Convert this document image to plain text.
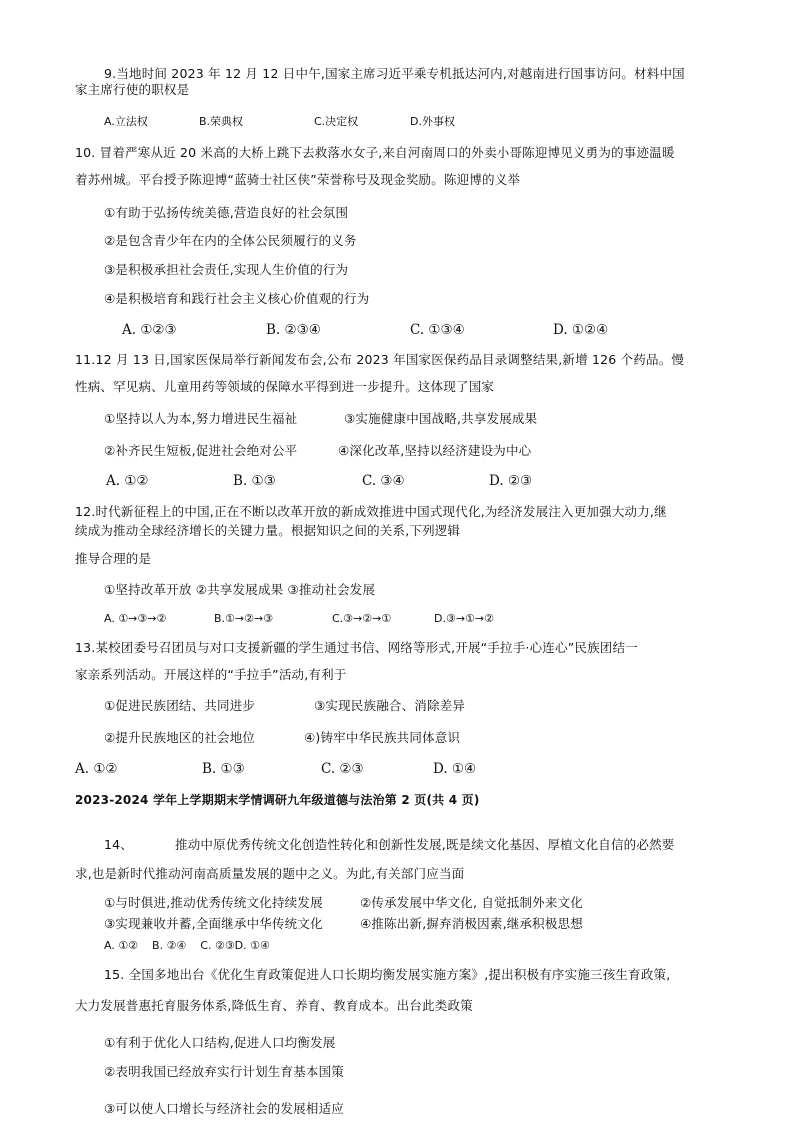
9.当地时间 2023 年 12 月 12 日中午,国家主席习近平乘专机抵达河内,对越南进行国事访问。材料中国
家主席行使的职权是
A.立法权	B.荣典权	C.决定权	D.外事权
10. 冒着严寒从近 20 米高的大桥上跳下去救落水女子,来自河南周口的外卖小哥陈迎博见义勇为的事迹温暖
着苏州城。平台授予陈迎博“蓝骑士社区侠”荣誉称号及现金奖励。陈迎博的义举
①有助于弘扬传统美德,营造良好的社会氛围
②是包含青少年在内的全体公民须履行的义务
③是积极承担社会责任,实现人生价值的行为
④是积极培育和践行社会主义核心价值观的行为
A. ①②③	B. ②③④	C. ①③④	D. ①②④
11.12 月 13 日,国家医保局举行新闻发布会,公布 2023 年国家医保药品目录调整结果,新增 126 个药品。慢
性病、罕见病、儿童用药等领域的保障水平得到进一步提升。这体现了国家
①坚持以人为本,努力增进民生福祉	③实施健康中国战略,共享发展成果
②补齐民生短板,促进社会绝对公平	④深化改革,坚持以经济建设为中心
A. ①②	B. ①③	C. ③④	D. ②③
12.时代新征程上的中国,正在不断以改革开放的新成效推进中国式现代化,为经济发展注入更加强大动力,继
续成为推动全球经济增长的关键力量。根据知识之间的关系,下列逻辑
推导合理的是
①坚持改革开放 ②共享发展成果 ③推动社会发展
A. ①→③→②	B.①→②→③	C.③→②→①	D.③→①→②
13.某校团委号召团员与对口支援新疆的学生通过书信、网络等形式,开展“手拉手·心连心”民族团结一
家亲系列活动。开展这样的“手拉手”活动,有利于
①促进民族团结、共同进步	③实现民族融合、消除差异
②提升民族地区的社会地位	④)铸牢中华民族共同体意识
A. ①②	B. ①③	C. ②③	D. ①④
2023-2024 学年上学期期末学情调研九年级道德与法治第 2 页(共 4 页)
14、	推动中原优秀传统文化创造性转化和创新性发展,既是续文化基因、厚植文化自信的必然要
求,也是新时代推动河南高质量发展的题中之义。为此,有关部门应当面
①与时俱进,推动优秀传统文化持续发展	②传承发展中华文化, 自觉抵制外来文化
③实现兼收并蓄,全面继承中华传统文化	④推陈出新,摒弃消极因素,继承积极思想
A. ①②    B. ②④    C. ②③D. ①④
15. 全国多地出台《优化生育政策促进人口长期均衡发展实施方案》,提出积极有序实施三孩生育政策,
大力发展普惠托育服务体系,降低生育、养育、教育成本。出台此类政策
①有利于优化人口结构,促进人口均衡发展
②表明我国已经放弃实行计划生育基本国策
③可以使人口增长与经济社会的发展相适应
